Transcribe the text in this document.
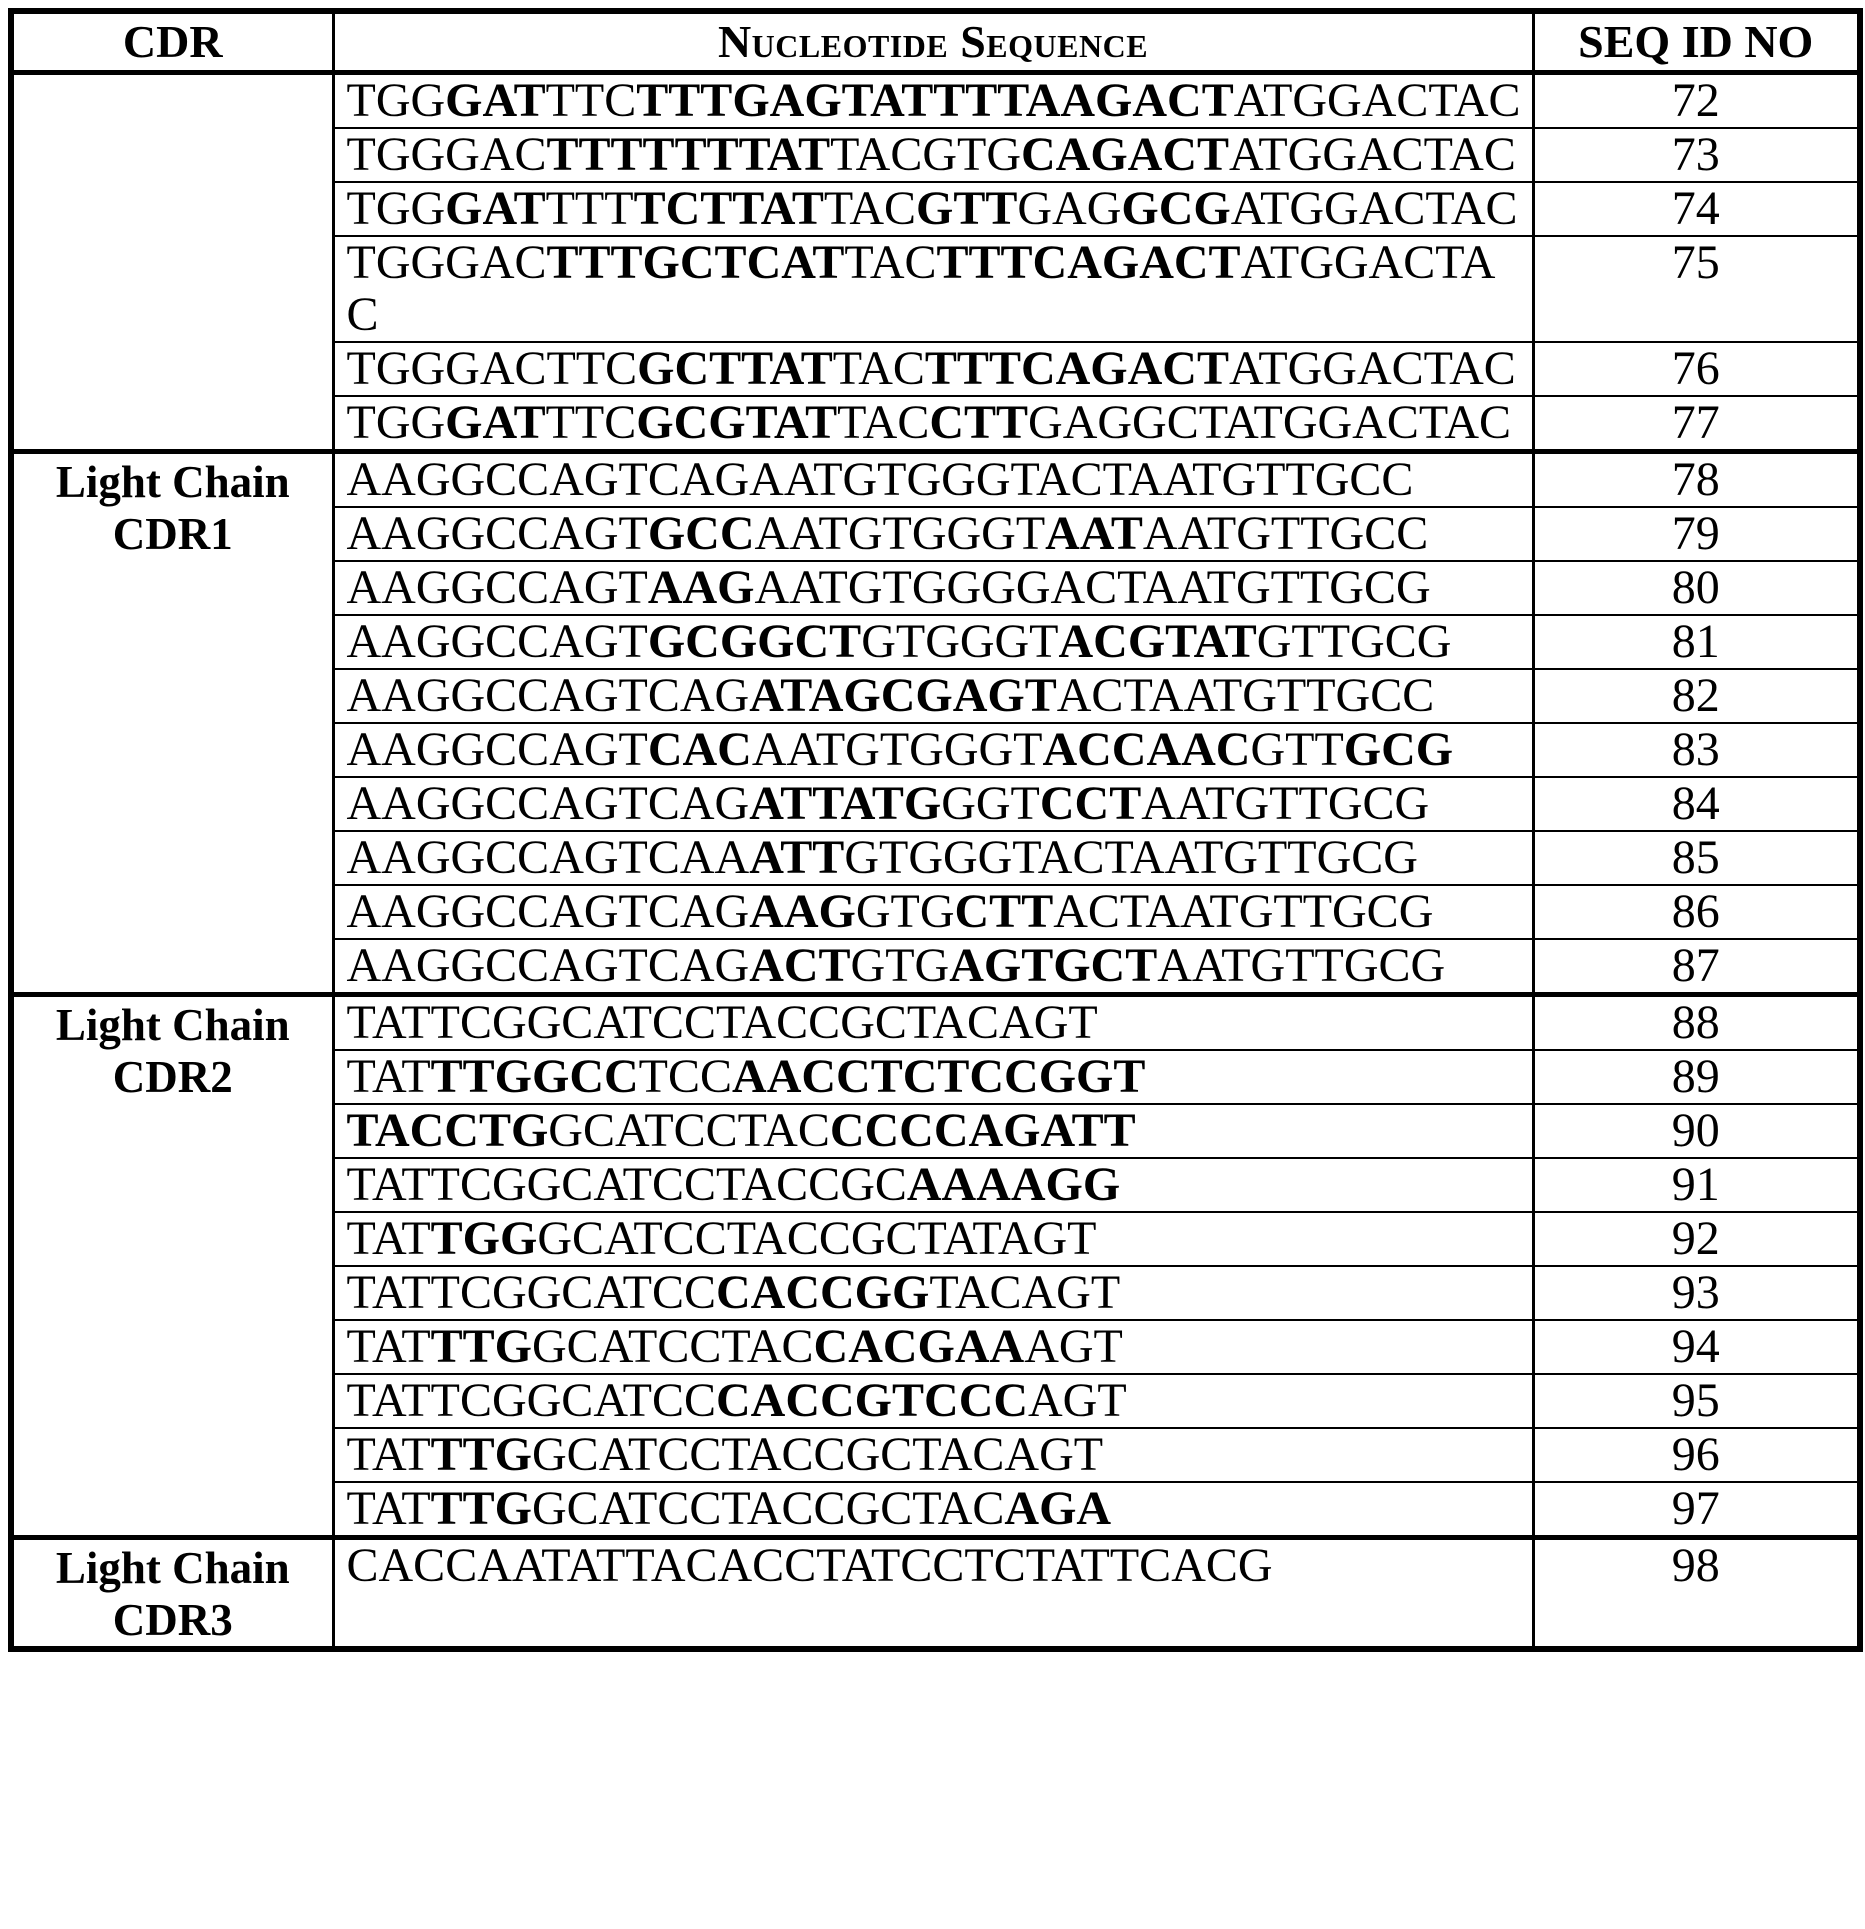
CDR	Nucleotide Sequence	SEQ ID NO
	TGGGATTTCTTTGAGTATTTTAAGACTATGGACTAC	72
	TGGGACTTTTTTTATTACGTGCAGACTATGGACTAC	73
	TGGGATTTTTCTTATTACGTTGAGGCGATGGACTAC	74
	TGGGACTTTGCTCATTACTTTCAGACTATGGACTAC	75
	TGGGACTTCGCTTATTACTTTCAGACTATGGACTAC	76
	TGGGATTTCGCGTATTACCTTGAGGCTATGGACTAC	77

Light Chain
CDR1	AAGGCCAGTCAGAATGTGGGTACTAATGTTGCC	78
	AAGGCCAGTGCCAATGTGGGTAATAATGTTGCC	79
	AAGGCCAGTAAGAATGTGGGGACTAATGTTGCG	80
	AAGGCCAGTGCGGCTGTGGGTACGTATGTTGCG	81
	AAGGCCAGTCAGATAGCGAGTACTAATGTTGCC	82
	AAGGCCAGTCACAATGTGGGTACCAACGTTGCG	83
	AAGGCCAGTCAGATTATGGGTCCTAATGTTGCG	84
	AAGGCCAGTCAAATTGTGGGTACTAATGTTGCG	85
	AAGGCCAGTCAGAAGGTGCTTACTAATGTTGCG	86
	AAGGCCAGTCAGACTGTGAGTGCTAATGTTGCG	87

Light Chain
CDR2	TATTCGGCATCCTACCGCTACAGT	88
	TATTTGGCCTCCAACCTCTCCGGT	89
	TACCTGGCATCCTACCCCCAGATT	90
	TATTCGGCATCCTACCGCAAAAGG	91
	TATTGGGCATCCTACCGCTATAGT	92
	TATTCGGCATCCCACCGGTACAGT	93
	TATTTGGCATCCTACCACGAAAGT	94
	TATTCGGCATCCCACCGTCCCAGT	95
	TATTTGGCATCCTACCGCTACAGT	96
	TATTTGGCATCCTACCGCTACAGA	97

Light Chain
CDR3	CACCAATATTACACCTATCCTCTATTCACG	98
